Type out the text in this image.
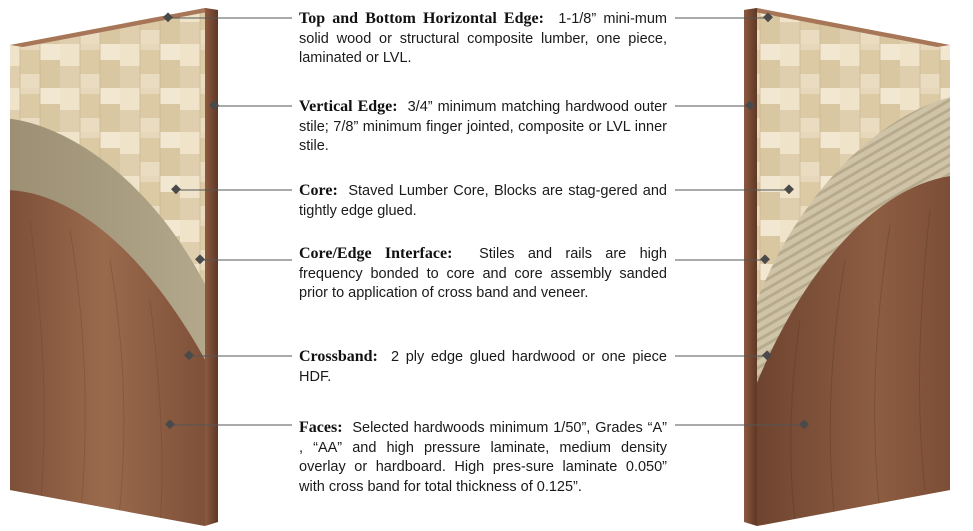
Top and Bottom Horizontal Edge: 1-1/8” mini-mum solid wood or structural composite lumber, one piece, laminated or LVL.
Vertical Edge: 3/4” minimum matching hardwood outer stile; 7/8” minimum finger jointed, composite or LVL inner stile.
Core: Staved Lumber Core, Blocks are stag-gered and tightly edge glued.
Core/Edge Interface: Stiles and rails are high frequency bonded to core and core assembly sanded prior to application of cross band and veneer.
Crossband: 2 ply edge glued hardwood or one piece HDF.
Faces: Selected hardwoods minimum 1/50”, Grades “A” , “AA” and high pressure laminate, medium density overlay or hardboard. High pres-sure laminate 0.050” with cross band for total thickness of 0.125”.
